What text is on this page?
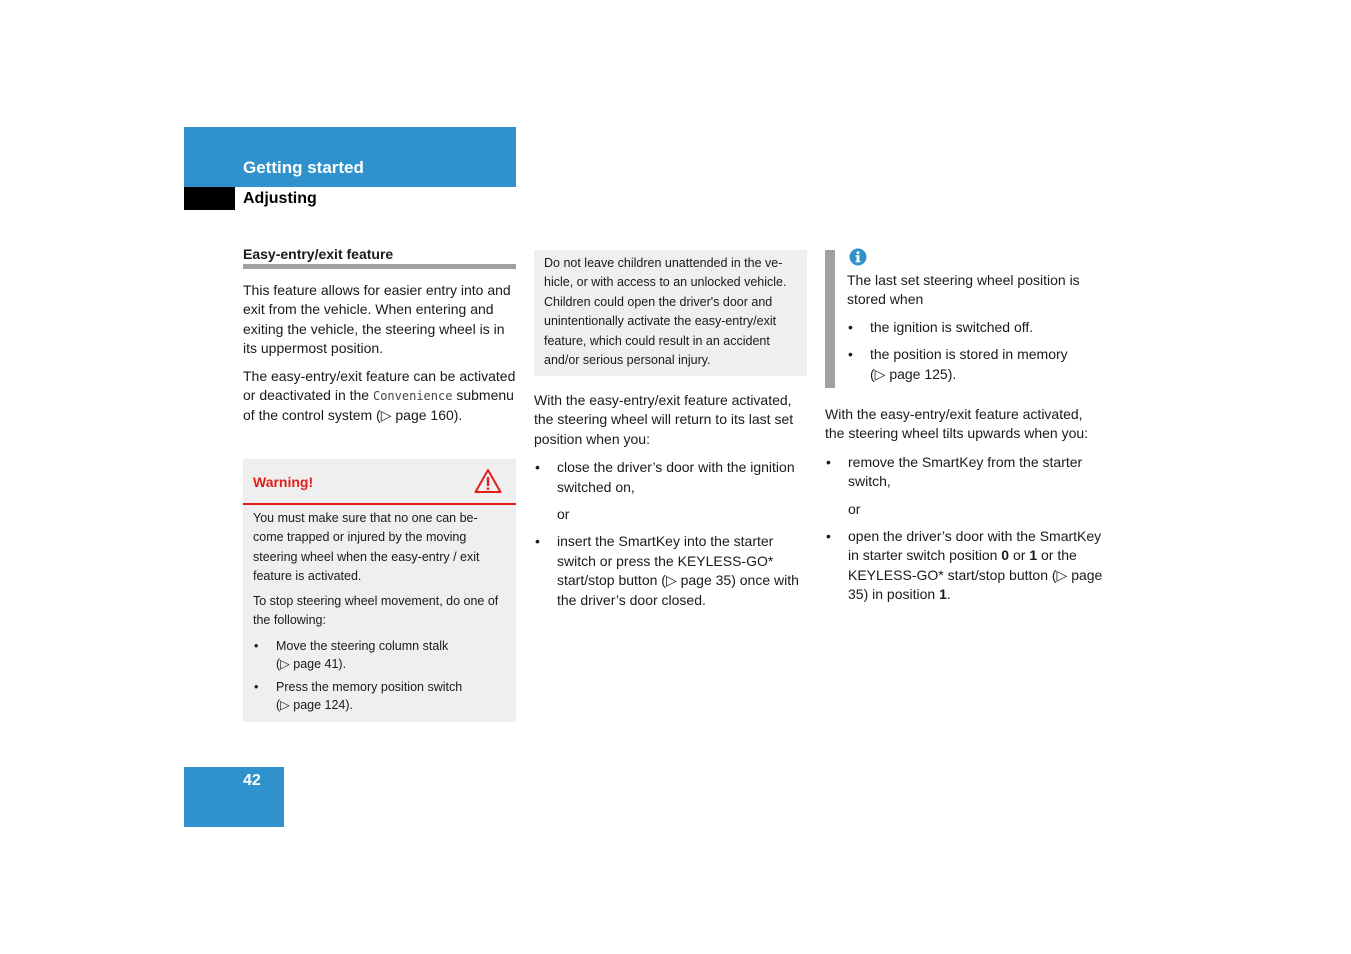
Getting started
Adjusting
Easy-entry/exit feature

This feature allows for easier entry into and exit from the vehicle. When entering and exiting the vehicle, the steering wheel is in its uppermost position.

The easy-entry/exit feature can be activated or deactivated in the Convenience submenu of the control system (▷ page 160).

Warning!

You must make sure that no one can be-come trapped or injured by the moving steering wheel when the easy-entry / exit feature is activated.

To stop steering wheel movement, do one of the following:

• Move the steering column stalk
(▷ page 41).
• Press the memory position switch
(▷ page 124).
Do not leave children unattended in the ve-hicle, or with access to an unlocked vehicle. Children could open the driver's door and unintentionally activate the easy-entry/exit feature, which could result in an accident and/or serious personal injury.

With the easy-entry/exit feature activated, the steering wheel will return to its last set position when you:

• close the driver’s door with the ignition switched on,

or

• insert the SmartKey into the starter switch or press the KEYLESS-GO* start/stop button (▷ page 35) once with the driver’s door closed.

The last set steering wheel position is stored when

• the ignition is switched off.
• the position is stored in memory
(▷ page 125).

With the easy-entry/exit feature activated, the steering wheel tilts upwards when you:

• remove the SmartKey from the starter switch,

or

• open the driver’s door with the SmartKey in starter switch position 0 or 1 or the KEYLESS-GO* start/stop button (▷ page 35) in position 1.
42
